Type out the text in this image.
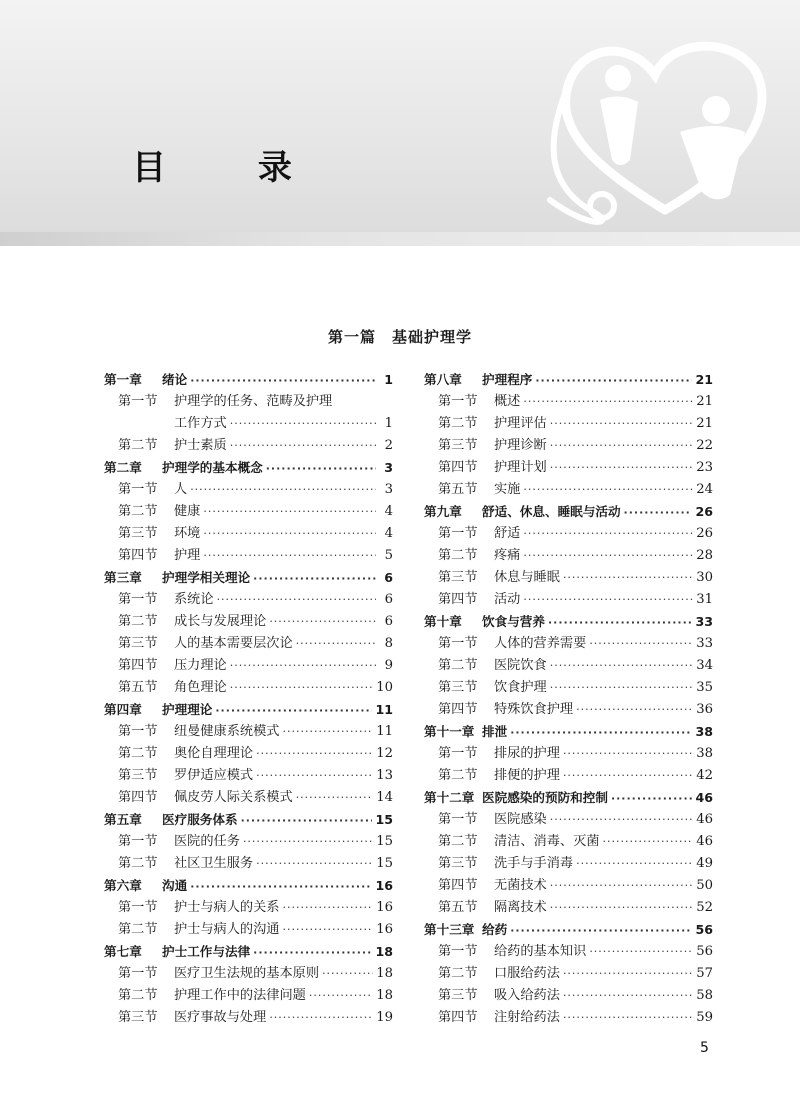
目 录
第一篇　基础护理学
第一章	绪论 ·····	1
第一节	护理学的任务、范畴及护理
工作方式 ·····	1
第二节	护士素质 ·····	2
第二章	护理学的基本概念 ·····	3
第一节	人 ·····	3
第二节	健康 ·····	4
第三节	环境 ·····	4
第四节	护理 ·····	5
第三章	护理学相关理论 ·····	6
第一节	系统论 ·····	6
第二节	成长与发展理论 ·····	6
第三节	人的基本需要层次论 ·····	8
第四节	压力理论 ·····	9
第五节	角色理论 ·····	10
第四章	护理理论 ·····	11
第一节	纽曼健康系统模式 ·····	11
第二节	奥伦自理理论 ·····	12
第三节	罗伊适应模式 ·····	13
第四节	佩皮劳人际关系模式 ·····	14
第五章	医疗服务体系 ·····	15
第一节	医院的任务 ·····	15
第二节	社区卫生服务 ·····	15
第六章	沟通 ·····	16
第一节	护士与病人的关系 ·····	16
第二节	护士与病人的沟通 ·····	16
第七章	护士工作与法律 ·····	18
第一节	医疗卫生法规的基本原则 ·····	18
第二节	护理工作中的法律问题 ·····	18
第三节	医疗事故与处理 ·····	19
第八章	护理程序 ·····	21
第一节	概述 ·····	21
第二节	护理评估 ·····	21
第三节	护理诊断 ·····	22
第四节	护理计划 ·····	23
第五节	实施 ·····	24
第九章	舒适、休息、睡眠与活动 ·····	26
第一节	舒适 ·····	26
第二节	疼痛 ·····	28
第三节	休息与睡眠 ·····	30
第四节	活动 ·····	31
第十章	饮食与营养 ·····	33
第一节	人体的营养需要 ·····	33
第二节	医院饮食 ·····	34
第三节	饮食护理 ·····	35
第四节	特殊饮食护理 ·····	36
第十一章 排泄 ·····	38
第一节	排尿的护理 ·····	38
第二节	排便的护理 ·····	42
第十二章 医院感染的预防和控制 ·····	46
第一节	医院感染 ·····	46
第二节	清洁、消毒、灭菌 ·····	46
第三节	洗手与手消毒 ·····	49
第四节	无菌技术 ·····	50
第五节	隔离技术 ·····	52
第十三章 给药 ·····	56
第一节	给药的基本知识 ·····	56
第二节	口服给药法 ·····	57
第三节	吸入给药法 ·····	58
第四节	注射给药法 ·····	59
5
